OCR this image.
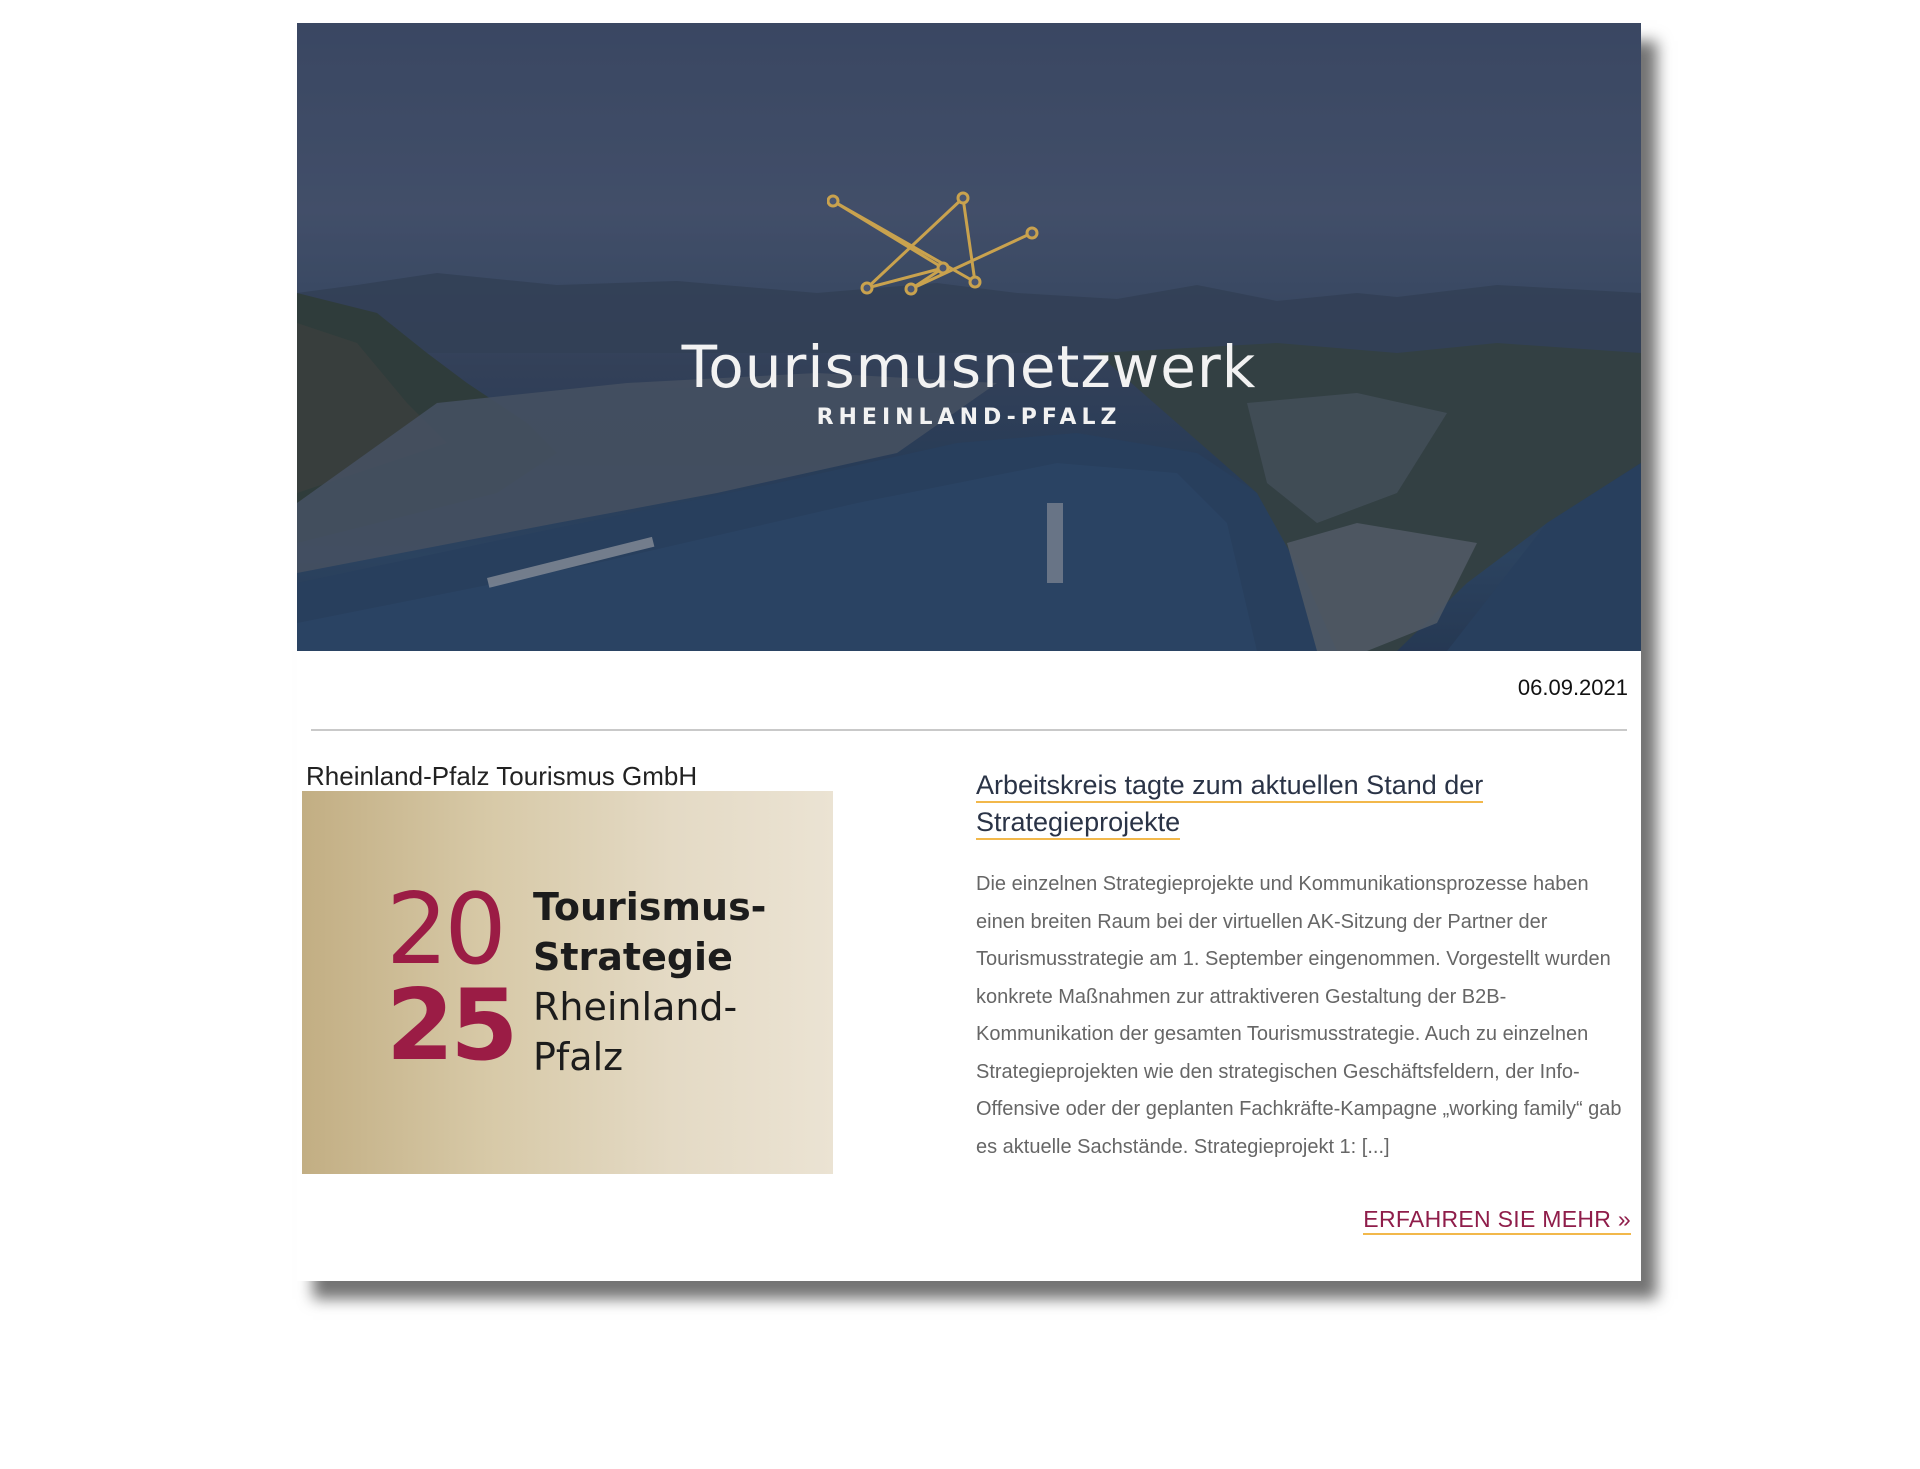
Tourismusnetzwerk
RHEINLAND-PFALZ
06.09.2021
Rheinland-Pfalz Tourismus GmbH
20
25
Tourismus-
Strategie
Rheinland-
Pfalz
Arbeitskreis tagte zum aktuellen Stand der Strategieprojekte
Die einzelnen Strategieprojekte und Kommunikationsprozesse haben einen breiten Raum bei der virtuellen AK-Sitzung der Partner der Tourismusstrategie am 1. September eingenommen. Vorgestellt wurden konkrete Maßnahmen zur attraktiveren Gestaltung der B2B-Kommunikation der gesamten Tourismusstrategie. Auch zu einzelnen Strategieprojekten wie den strategischen Geschäftsfeldern, der Info-Offensive oder der geplanten Fachkräfte-Kampagne „working family“ gab es aktuelle Sachstände. Strategieprojekt 1: [...]
ERFAHREN SIE MEHR »
